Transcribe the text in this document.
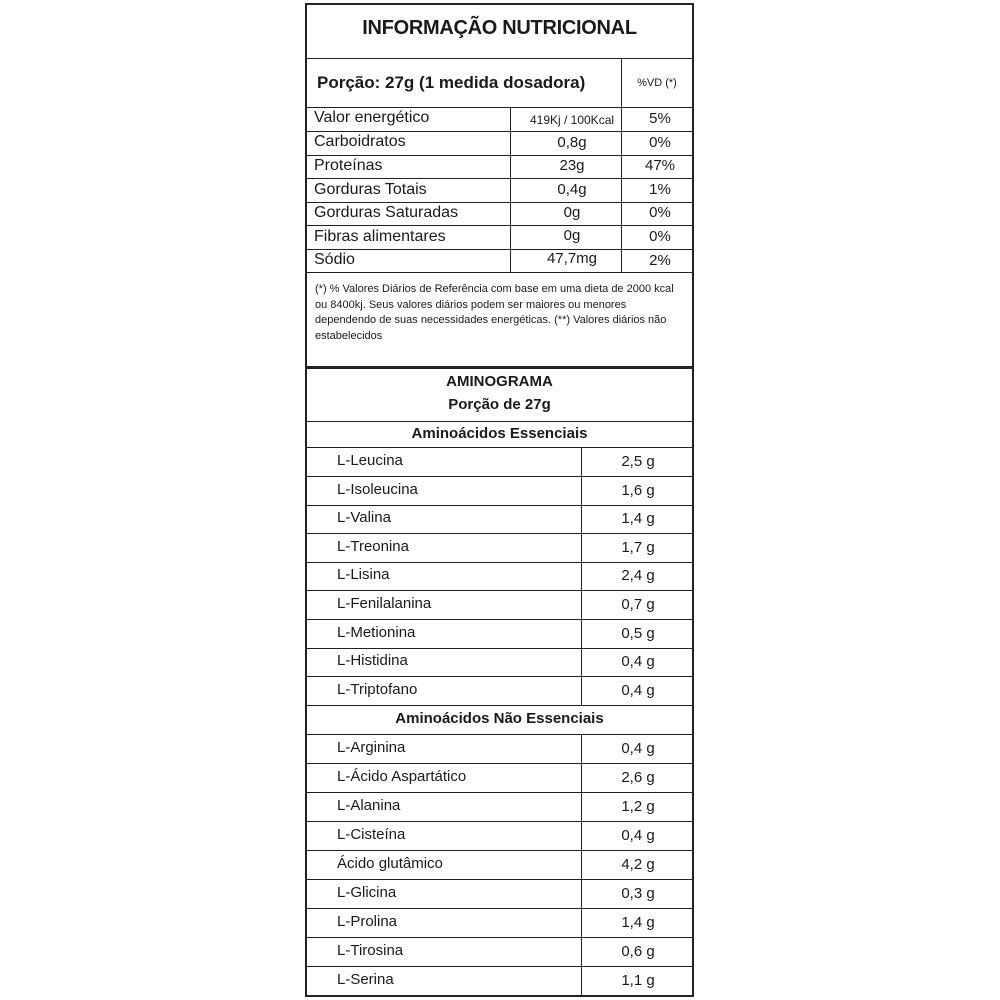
INFORMAÇÃO NUTRICIONAL
Porção: 27g (1 medida dosadora)	%VD (*)
Valor energético	419Kj / 100Kcal	5%
Carboidratos	0,8g	0%
Proteínas	23g	47%
Gorduras Totais	0,4g	1%
Gorduras Saturadas	0g	0%
Fibras alimentares	0g	0%
Sódio	47,7mg	2%
(*) % Valores Diários de Referência com base em uma dieta de 2000 kcal ou 8400kj. Seus valores diários podem ser maiores ou menores dependendo de suas necessidades energéticas. (**) Valores diários não estabelecidos
AMINOGRAMA
Porção de 27g
Aminoácidos Essenciais
L-Leucina	2,5 g
L-Isoleucina	1,6 g
L-Valina	1,4 g
L-Treonina	1,7 g
L-Lisina	2,4 g
L-Fenilalanina	0,7 g
L-Metionina	0,5 g
L-Histidina	0,4 g
L-Triptofano	0,4 g
Aminoácidos Não Essenciais
L-Arginina	0,4 g
L-Ácido Aspartático	2,6 g
L-Alanina	1,2 g
L-Cisteína	0,4 g
Ácido glutâmico	4,2 g
L-Glicina	0,3 g
L-Prolina	1,4 g
L-Tirosina	0,6 g
L-Serina	1,1 g
